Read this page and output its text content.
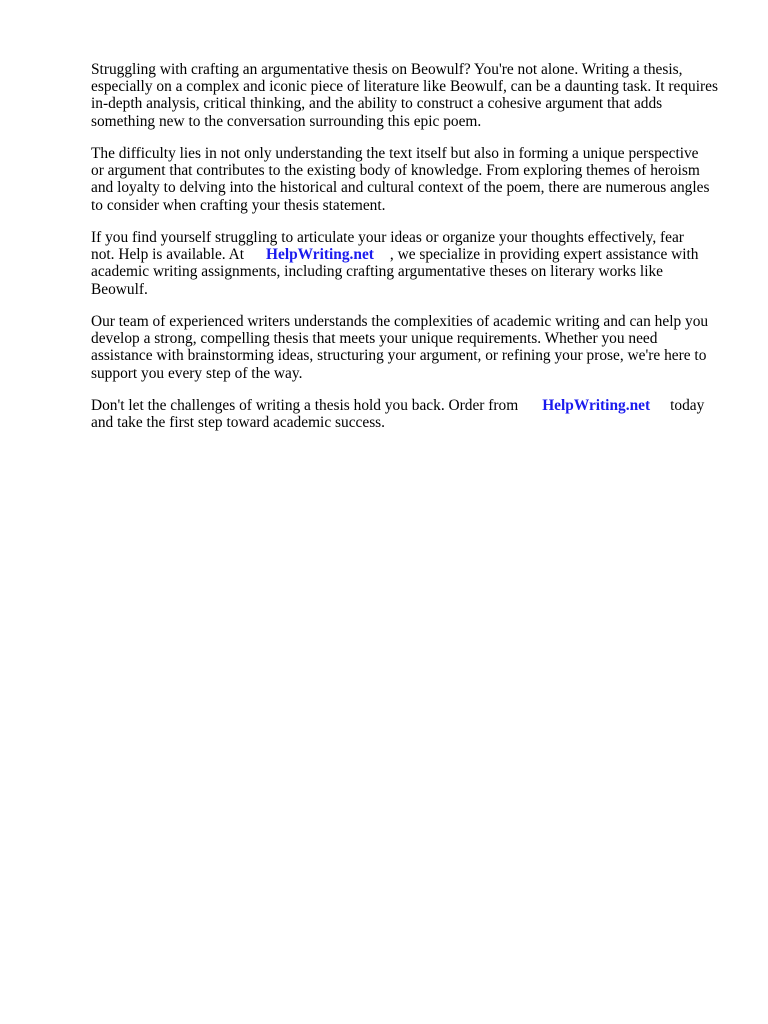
Struggling with crafting an argumentative thesis on Beowulf? You're not alone. Writing a thesis,
especially on a complex and iconic piece of literature like Beowulf, can be a daunting task. It requires
in-depth analysis, critical thinking, and the ability to construct a cohesive argument that adds
something new to the conversation surrounding this epic poem.

The difficulty lies in not only understanding the text itself but also in forming a unique perspective
or argument that contributes to the existing body of knowledge. From exploring themes of heroism
and loyalty to delving into the historical and cultural context of the poem, there are numerous angles
to consider when crafting your thesis statement.

If you find yourself struggling to articulate your ideas or organize your thoughts effectively, fear
not. Help is available. At HelpWriting.net , we specialize in providing expert assistance with
academic writing assignments, including crafting argumentative theses on literary works like
Beowulf.

Our team of experienced writers understands the complexities of academic writing and can help you
develop a strong, compelling thesis that meets your unique requirements. Whether you need
assistance with brainstorming ideas, structuring your argument, or refining your prose, we're here to
support you every step of the way.

Don't let the challenges of writing a thesis hold you back. Order from HelpWriting.net today
and take the first step toward academic success.
